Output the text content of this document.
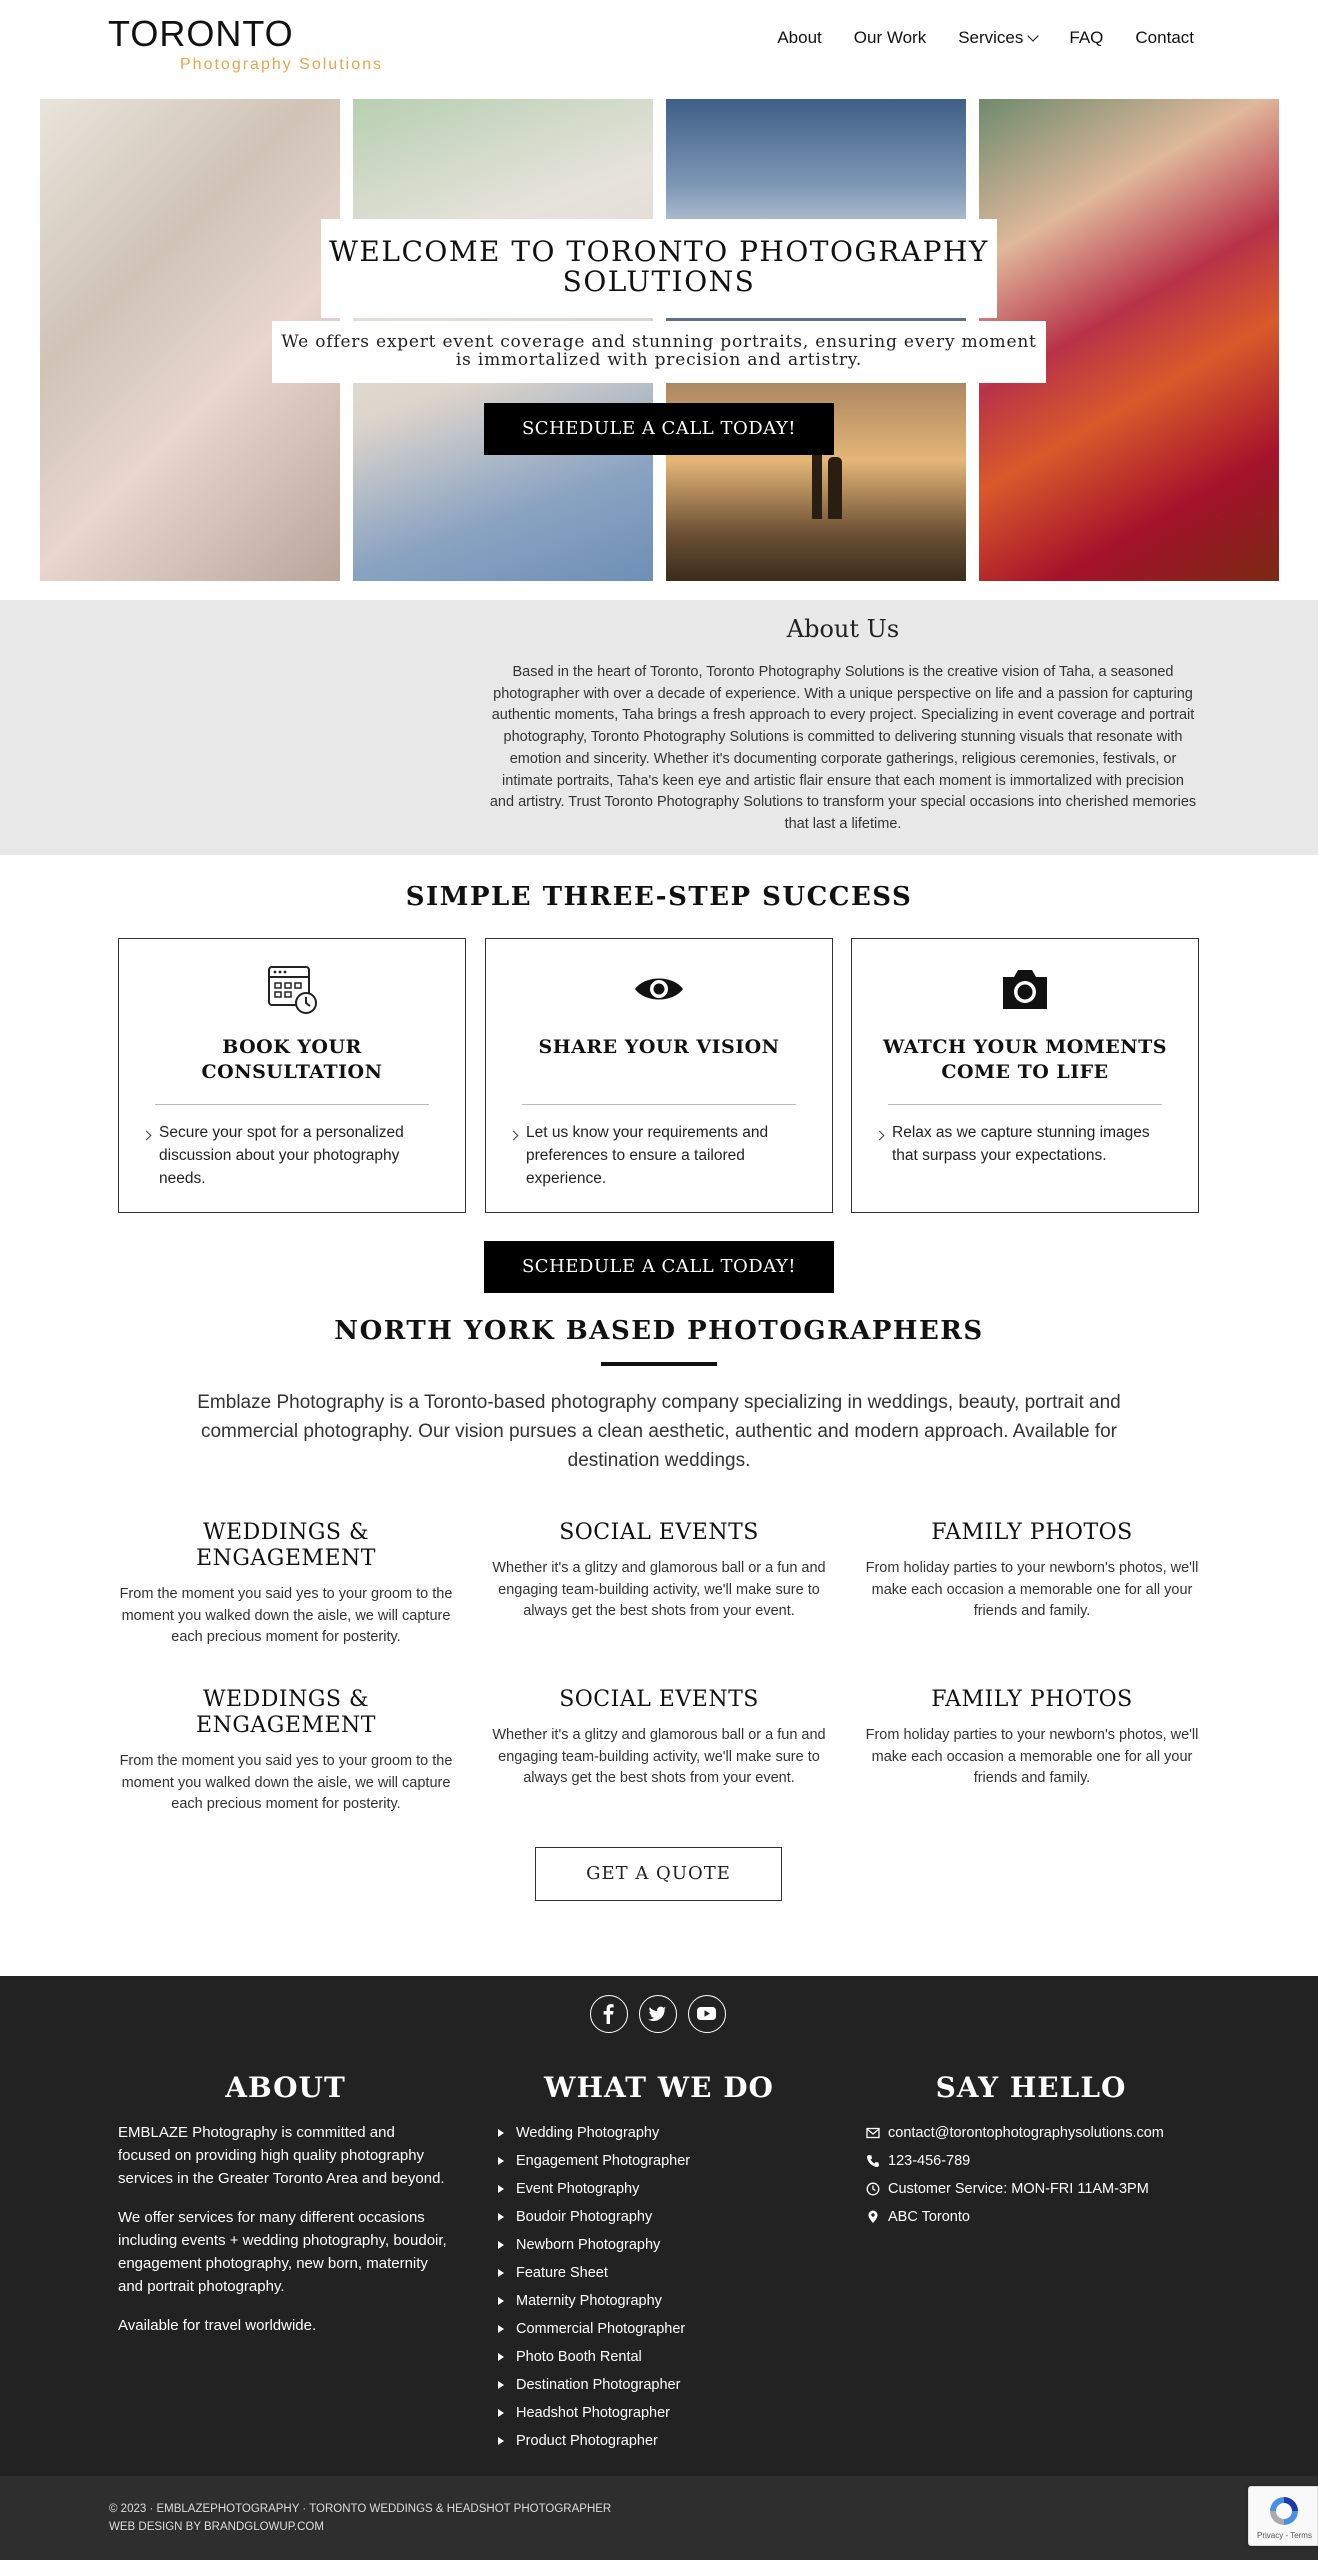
TORONTO
Photography Solutions
About Our Work Services	FAQ Contact
WELCOME TO TORONTO PHOTOGRAPHY SOLUTIONS
We offers expert event coverage and stunning portraits, ensuring every moment is immortalized with precision and artistry.
SCHEDULE A CALL TODAY!
About Us

Based in the heart of Toronto, Toronto Photography Solutions is the creative vision of Taha, a seasoned photographer with over a decade of experience. With a unique perspective on life and a passion for capturing authentic moments, Taha brings a fresh approach to every project. Specializing in event coverage and portrait photography, Toronto Photography Solutions is committed to delivering stunning visuals that resonate with emotion and sincerity. Whether it's documenting corporate gatherings, religious ceremonies, festivals, or intimate portraits, Taha's keen eye and artistic flair ensure that each moment is immortalized with precision and artistry. Trust Toronto Photography Solutions to transform your special occasions into cherished memories that last a lifetime.

SIMPLE THREE-STEP SUCCESS
BOOK YOUR CONSULTATION

Secure your spot for a personalized discussion about your photography needs.

SHARE YOUR VISION

Let us know your requirements and preferences to ensure a tailored experience.

WATCH YOUR MOMENTS COME TO LIFE

Relax as we capture stunning images that surpass your expectations.

SCHEDULE A CALL TODAY!
NORTH YORK BASED PHOTOGRAPHERS

Emblaze Photography is a Toronto-based photography company specializing in weddings, beauty, portrait and commercial photography. Our vision pursues a clean aesthetic, authentic and modern approach. Available for destination weddings.

WEDDINGS & ENGAGEMENT

From the moment you said yes to your groom to the moment you walked down the aisle, we will capture each precious moment for posterity.

SOCIAL EVENTS

Whether it's a glitzy and glamorous ball or a fun and engaging team-building activity, we'll make sure to always get the best shots from your event.

FAMILY PHOTOS

From holiday parties to your newborn's photos, we'll make each occasion a memorable one for all your friends and family.

WEDDINGS & ENGAGEMENT

From the moment you said yes to your groom to the moment you walked down the aisle, we will capture each precious moment for posterity.

SOCIAL EVENTS

Whether it's a glitzy and glamorous ball or a fun and engaging team-building activity, we'll make sure to always get the best shots from your event.

FAMILY PHOTOS

From holiday parties to your newborn's photos, we'll make each occasion a memorable one for all your friends and family.

GET A QUOTE
ABOUT

EMBLAZE Photography is committed and focused on providing high quality photography services in the Greater Toronto Area and beyond.

We offer services for many different occasions including events + wedding photography, boudoir, engagement photography, new born, maternity and portrait photography.

Available for travel worldwide.

WHAT WE DO
Wedding Photography
Engagement Photographer
Event Photography
Boudoir Photography
Newborn Photography
Feature Sheet
Maternity Photography
Commercial Photographer
Photo Booth Rental
Destination Photographer
Headshot Photographer
Product Photographer
SAY HELLO
contact@torontophotographysolutions.com
123-456-789
Customer Service: MON-FRI 11AM-3PM
ABC Toronto
© 2023 · EMBLAZEPHOTOGRAPHY · TORONTO WEDDINGS & HEADSHOT PHOTOGRAPHER
WEB DESIGN BY BRANDGLOWUP.COM
Privacy - Terms
